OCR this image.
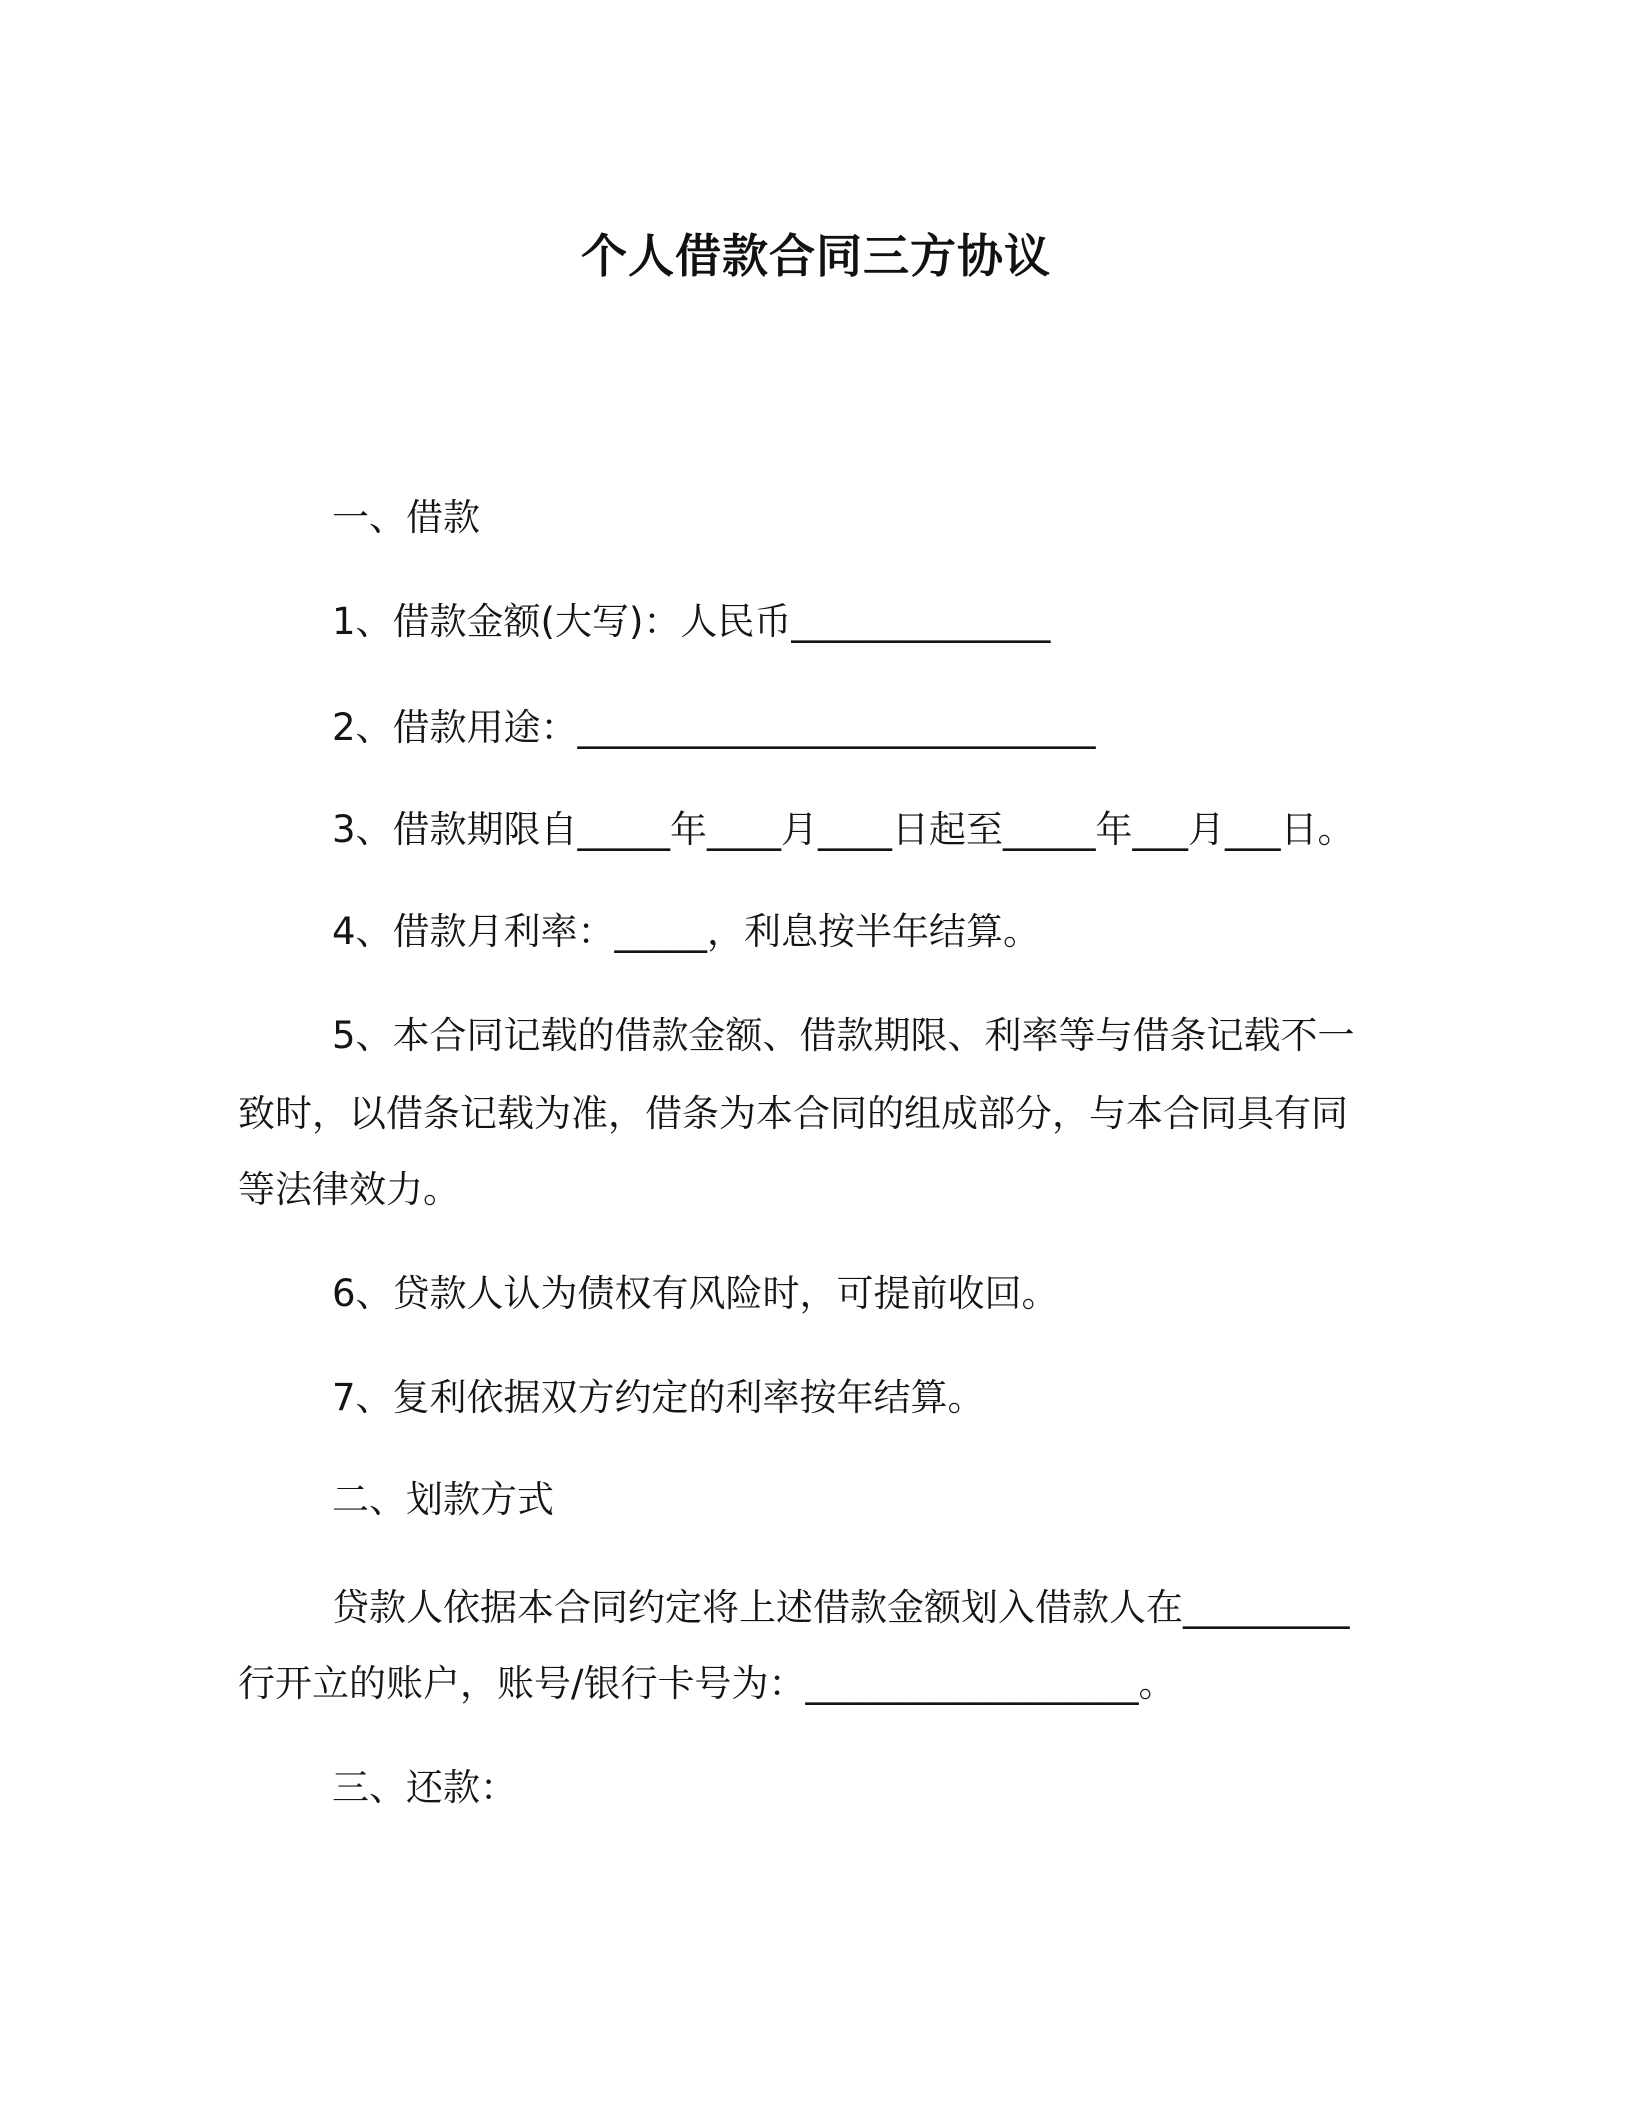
个人借款合同三方协议
一、借款
1、借款金额(大写)：人民币______________
2、借款用途：____________________________
3、借款期限自_____年____月____日起至_____年___月___日。
4、借款月利率：_____，利息按半年结算。
5、本合同记载的借款金额、借款期限、利率等与借条记载不一
致时，以借条记载为准，借条为本合同的组成部分，与本合同具有同
等法律效力。
6、贷款人认为债权有风险时，可提前收回。
7、复利依据双方约定的利率按年结算。
二、划款方式
贷款人依据本合同约定将上述借款金额划入借款人在_________
行开立的账户，账号/银行卡号为：__________________。
三、还款：
